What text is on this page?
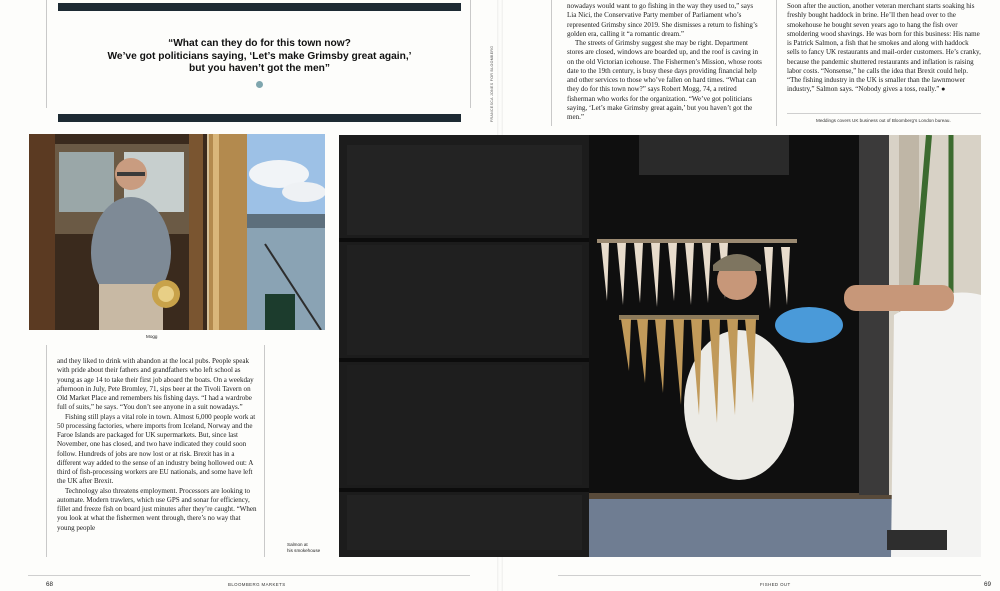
“What can they do for this town now?
We’ve got politicians saying, ‘Let’s make Grimsby great again,’
but you haven’t got the men”
Mogg

and they liked to drink with abandon at the local pubs. People speak with pride about their fathers and grandfathers who left school as young as age 14 to take their first job aboard the boats. On a weekday afternoon in July, Pete Bromley, 71, sips beer at the Tivoli Tavern on Old Market Place and remembers his fishing days. “I had a wardrobe full of suits,” he says. “You don’t see anyone in a suit nowadays.”

Fishing still plays a vital role in town. Almost 6,000 people work at 50 processing factories, where imports from Iceland, Norway and the Faroe Islands are packaged for UK supermarkets. But, since last November, one has closed, and two have indicated they could soon follow. Hundreds of jobs are now lost or at risk. Brexit has in a different way added to the sense of an industry being hollowed out: A third of fish-processing workers are EU nationals, and some have left the UK after Brexit.

Technology also threatens employment. Processors are looking to automate. Modern trawlers, which use GPS and sonar for efficiency, fillet and freeze fish on board just minutes after they’re caught. “When you look at what the fishermen went through, there’s no way that young people

Salmon at
his smokehouse
68	BLOOMBERG MARKETS

nowadays would want to go fishing in the way they used to,” says Lia Nici, the Conservative Party member of Parliament who’s represented Grimsby since 2019. She dismisses a return to fishing’s golden era, calling it “a romantic dream.”

The streets of Grimsby suggest she may be right. Department stores are closed, windows are boarded up, and the roof is caving in on the old Victorian icehouse. The Fishermen’s Mission, whose roots date to the 19th century, is busy these days providing financial help and other services to those who’ve fallen on hard times. “What can they do for this town now?” says Robert Mogg, 74, a retired fisherman who works for the organization. “We’ve got politicians saying, ‘Let’s make Grimsby great again,’ but you haven’t got the men.”

Soon after the auction, another veteran merchant starts soaking his freshly bought haddock in brine. He’ll then head over to the smokehouse he bought seven years ago to hang the fish over smoldering wood shavings. He was born for this business: His name is Patrick Salmon, a fish that he smokes and along with haddock sells to fancy UK restaurants and mail-order customers. He’s cranky, because the pandemic shuttered restaurants and inflation is raising labor costs. “Nonsense,” he calls the idea that Brexit could help. “The fishing industry in the UK is smaller than the lawnmower industry,” Salmon says. “Nobody gives a toss, really.” ●

Meddings covers UK business out of Bloomberg’s London bureau.
FISHED OUT	69
FRANCESCA JONES FOR BLOOMBERG
